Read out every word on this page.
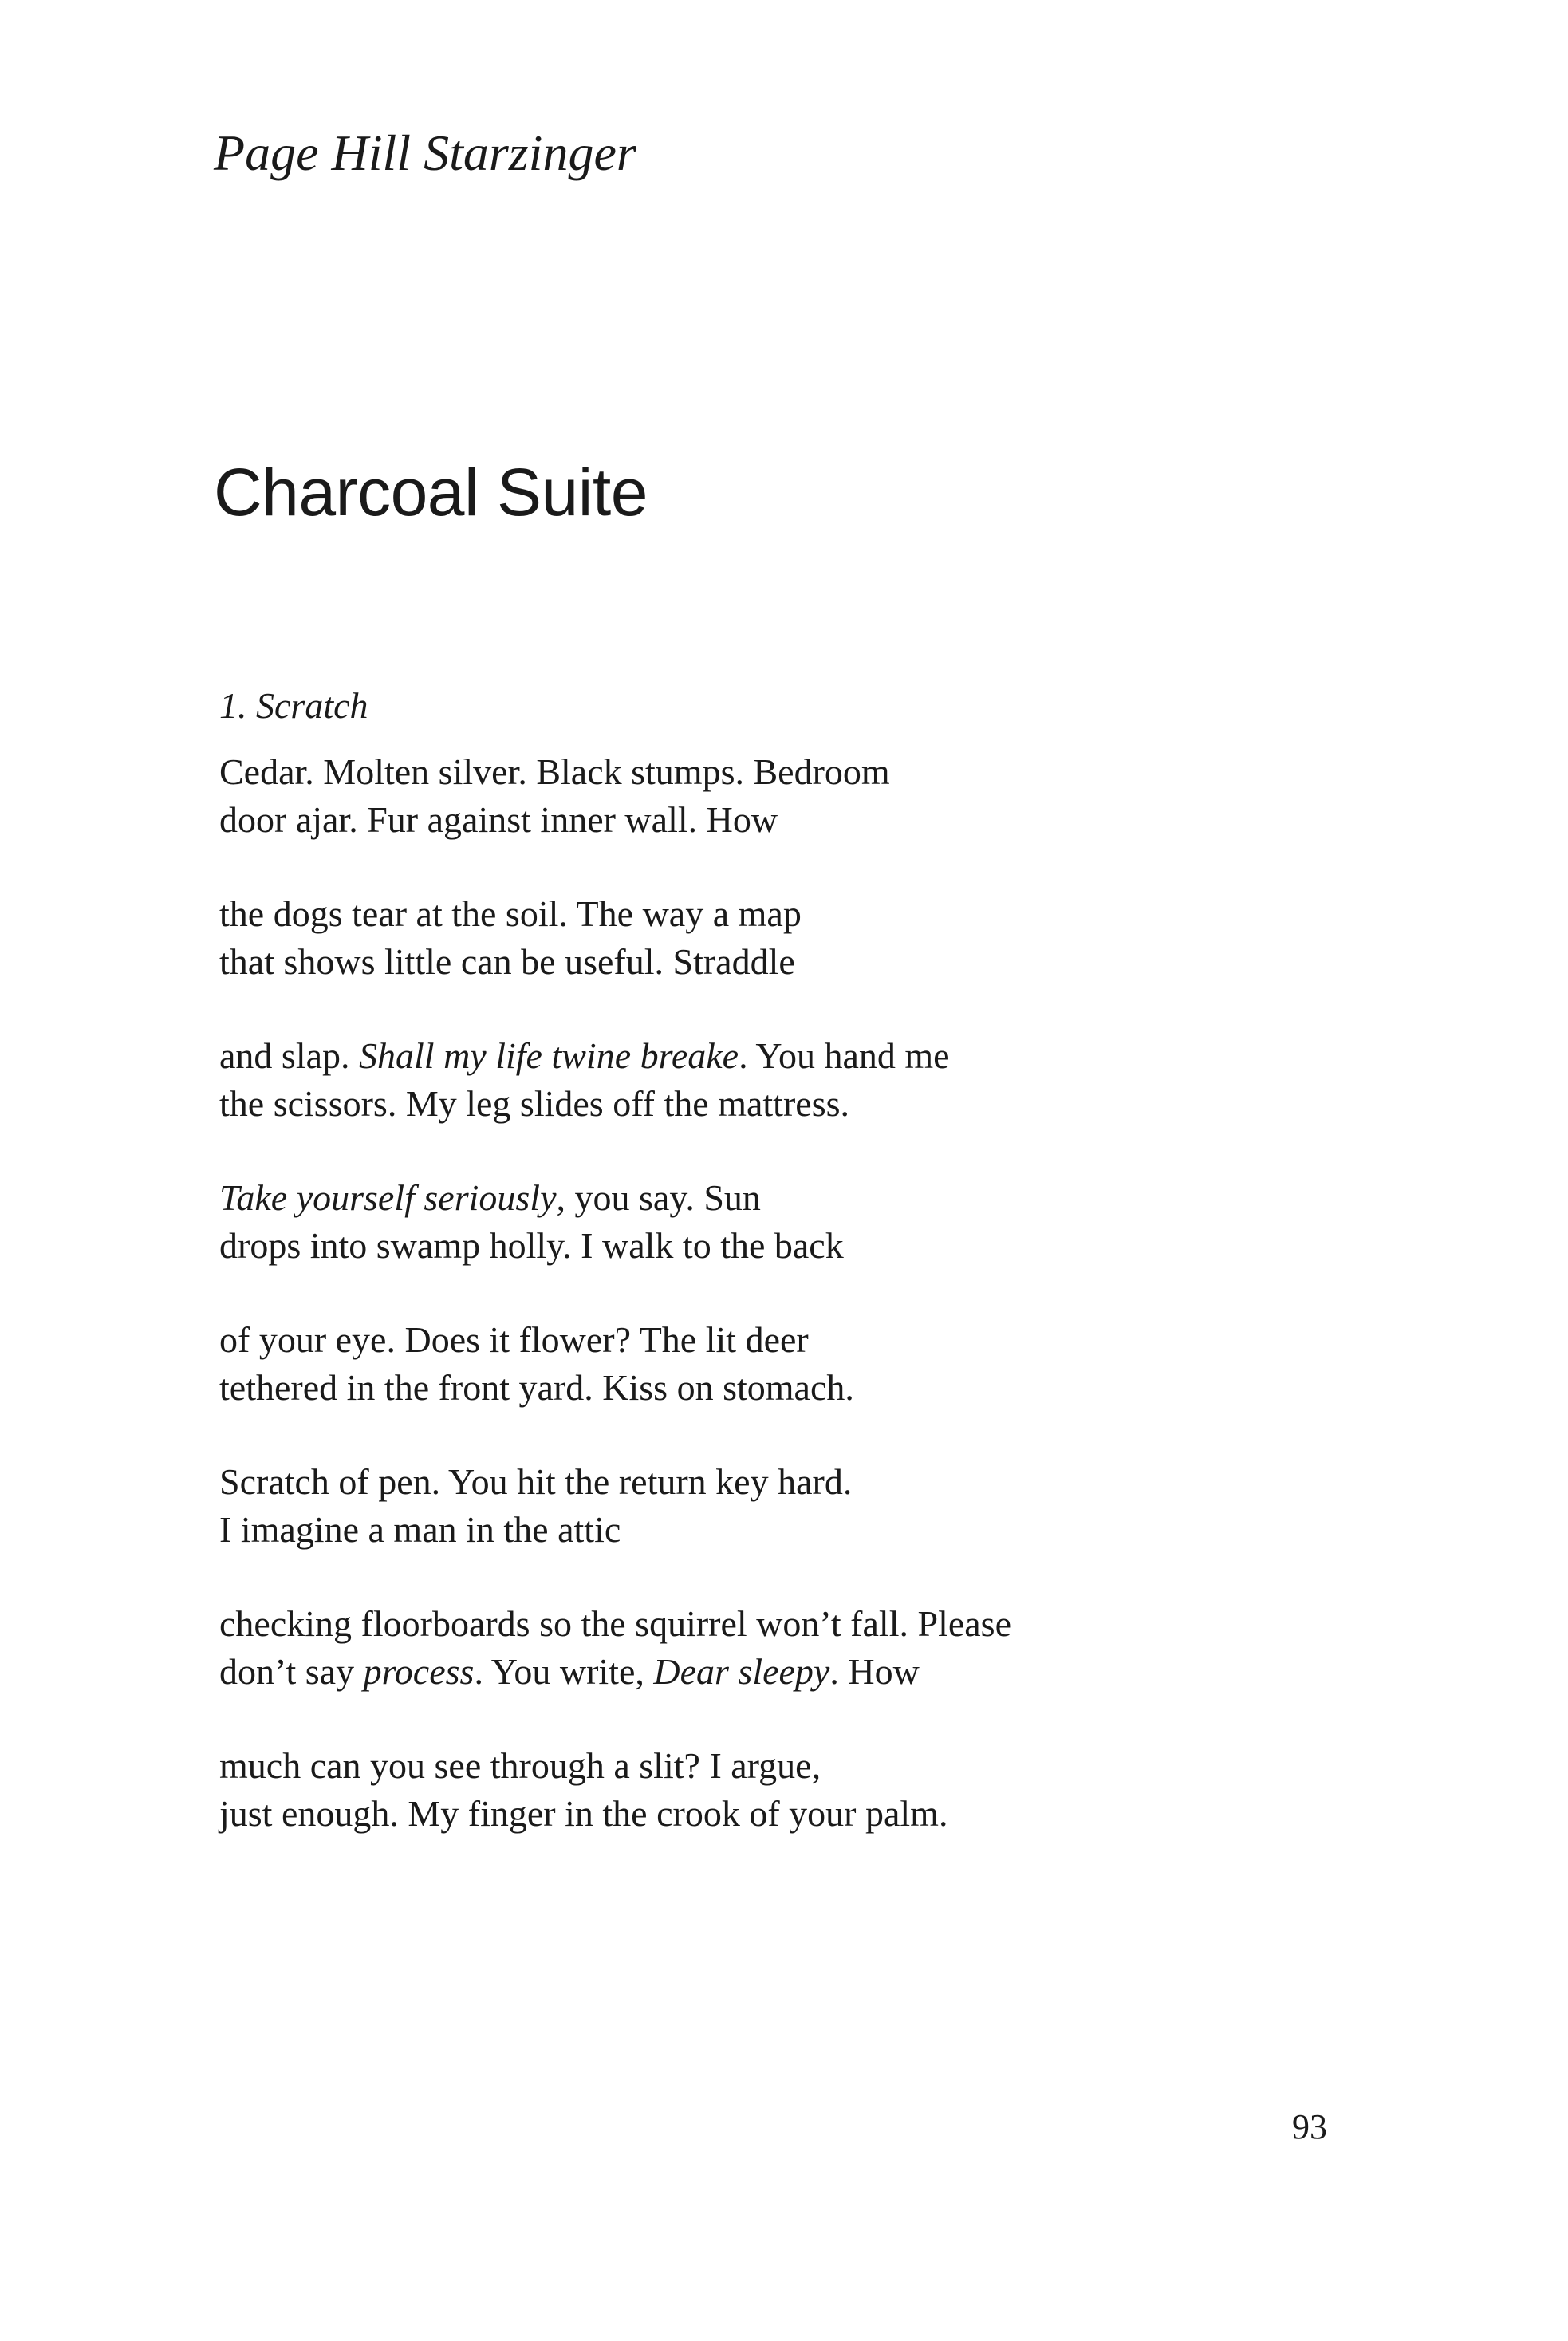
Page Hill Starzinger
Charcoal Suite

1. Scratch

Cedar. Molten silver. Black stumps. Bedroom
door ajar. Fur against inner wall. How
the dogs tear at the soil. The way a map
that shows little can be useful. Straddle
and slap. Shall my life twine breake. You hand me
the scissors. My leg slides off the mattress.
Take yourself seriously, you say. Sun
drops into swamp holly. I walk to the back
of your eye. Does it flower? The lit deer
tethered in the front yard. Kiss on stomach.
Scratch of pen. You hit the return key hard.
I imagine a man in the attic
checking floorboards so the squirrel won’t fall. Please
don’t say process. You write, Dear sleepy. How
much can you see through a slit? I argue,
just enough. My finger in the crook of your palm.

93
